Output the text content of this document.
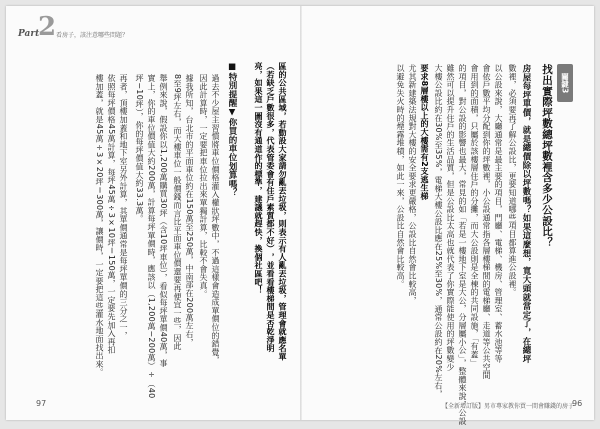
Part
2 看房子，該注意哪些問題？
區的公共區域，若動設大家請勿亂丟垃圾，則表示有人亂丟垃圾，管理會就應名單
（若缺乏戶數很多，代表管委會有住戶素質都不好），並看看樓梯間是否乾淨明
亮，如果這一圖沒有通道作的標準，建議就趕快，換個社區吧！
■特別提醒▼你買的車位划算嗎？
過去不少屋主習慣將車位價格灌入權狀坪數中，不過這樣會造成單價位的錯覺，
因此計算時，一定要把車位拉出來單獨計算，比較不會失真。
據我所知，台北市的平面車位約在150萬至250萬，中南部在200萬左右，
8至9坪左右，而大樓車位一般價錢而言比平面車位價還要再便宜一些，因此
舉例來說，假設你以1,200萬購買30坪（含10坪車位），看似每坪單價40萬，事
實上，你的車位價值大約200萬，計算每坪單價時，應該以（1,200萬−200萬）÷（40
坪−10坪），你的每坪價值大約33.3萬。
再者，頂樓加蓋和地下室另外計算，其單價通常是每坪單價的三分之一，
依照每坪價格45萬計算，每坪45萬÷3×10坪＝150萬，一定要先加入再扣
樓加蓋，就是45萬÷3×20坪＝300萬，讓價時，一定要把這些灌水地面找出來。
97
關鍵3
找出實際坪數總坪數裡含多少公設比？
房屋每坪單價，就是總價除以坪數嗎？如果這麼想，寬大頭就當定了，在總坪
數裡，必須要再了解公設比，更要知道哪些項目都算進公設裡。
以公設來說，大廳通常是最主要的項目，門廳、電梯、機房、管理室、蓄水池等等
會依戶數平均分配到你的坪數裡，小公設通常指各層樓梯間的電梯廳、走道等公共空間
會用到的面積，只屬於該樓層住戶的分攤，而大公設則是全棟的共同設施，「有蓋」
的項目，對公設的影響也最大，常見的如「若是一樓地下室是大公，分層屬小公」，整體來說，公設
雖然可以提升住戶的生活品質，但是公設比太高也就代表了你實際能使用的坪數變少
大樓公設比約在30%至35%，電梯大樓公設比應在25%至30%，通常公設約在20%左右，
要求8層樓以上的大樓需有2支逃生梯
尤其新建築法規對大樓的安全要求更嚴格，公設比自然會比較高，
以避免失火時的煙霧堆積，如此一來，公設比自然會比較高。
【全新增訂版】男市專家教你買一間會賺錢的房子
96
